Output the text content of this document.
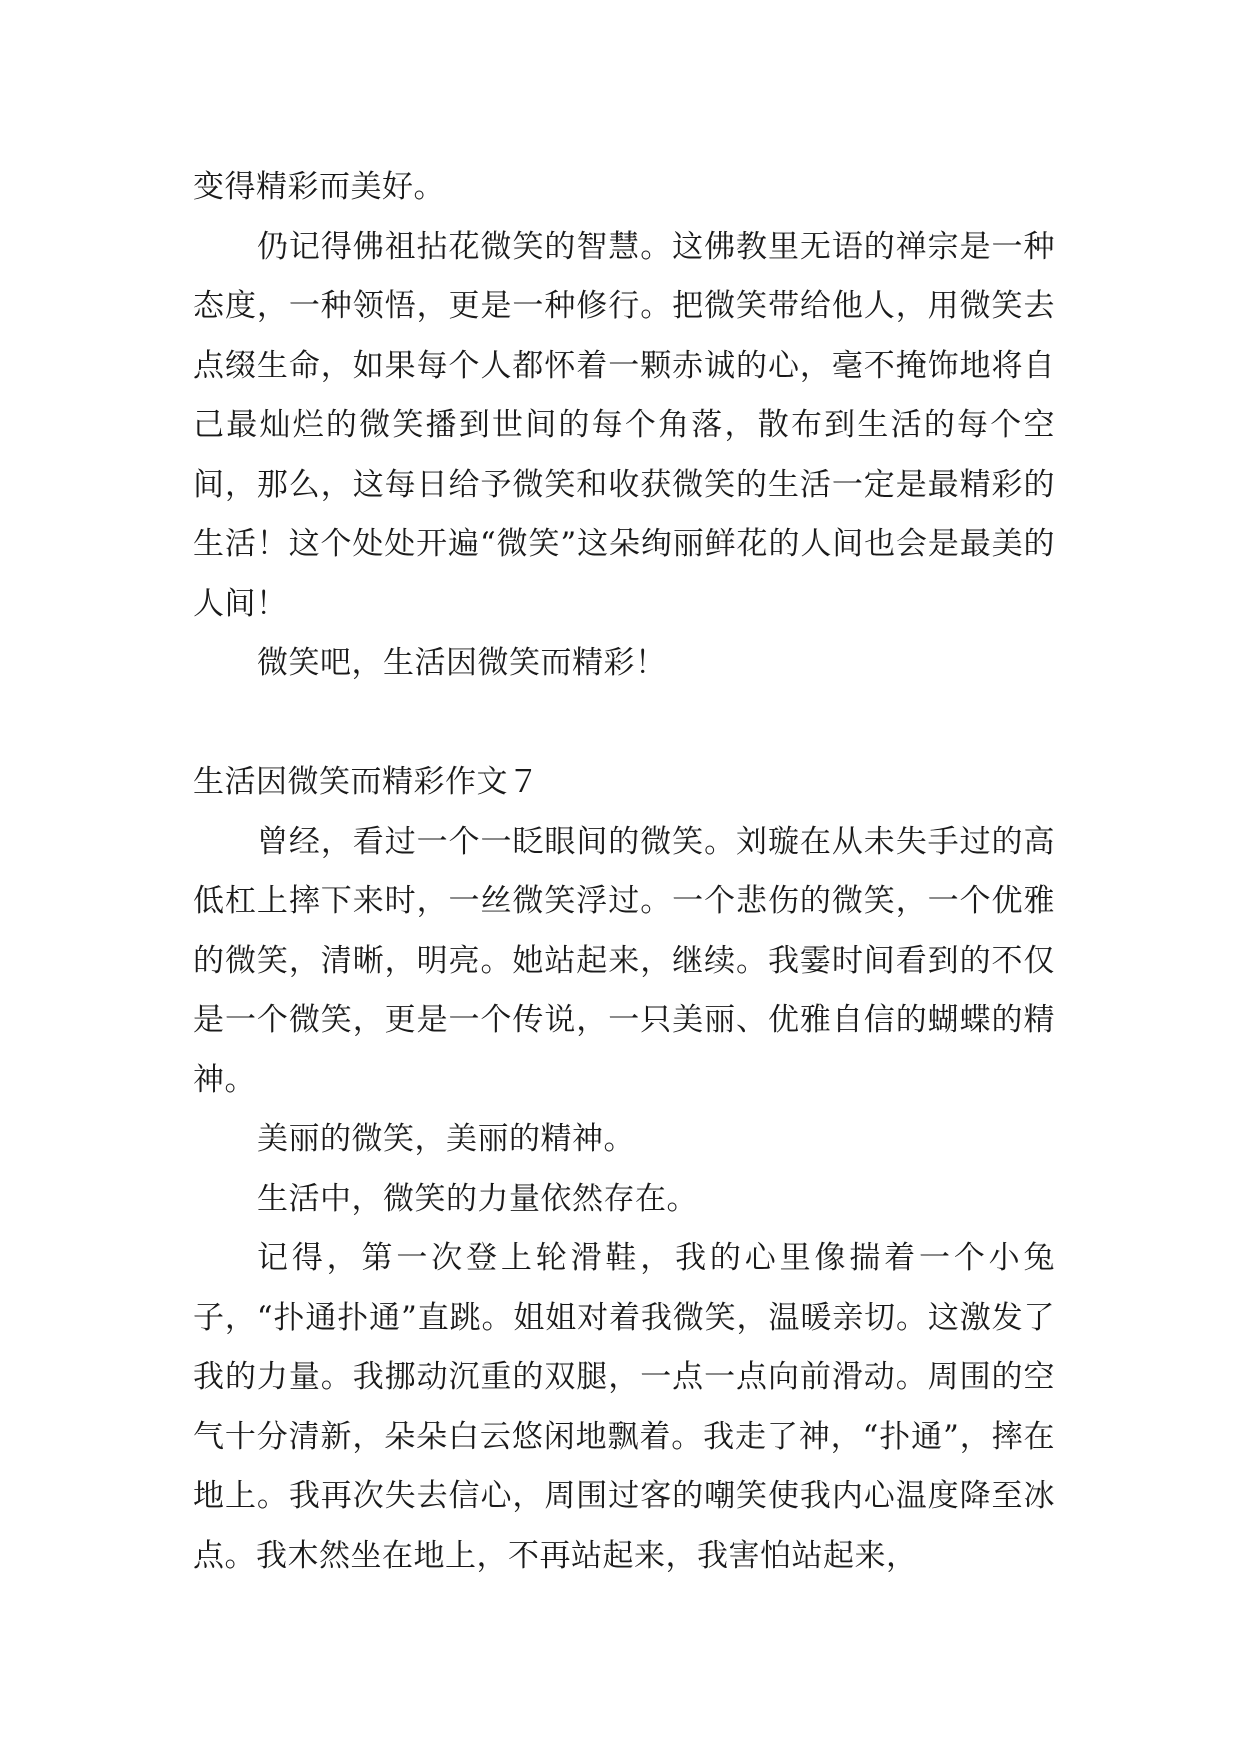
变得精彩而美好。

仍记得佛祖拈花微笑的智慧。这佛教里无语的禅宗是一种态度，一种领悟，更是一种修行。把微笑带给他人，用微笑去点缀生命，如果每个人都怀着一颗赤诚的心，毫不掩饰地将自己最灿烂的微笑播到世间的每个角落，散布到生活的每个空间，那么，这每日给予微笑和收获微笑的生活一定是最精彩的生活！这个处处开遍“微笑”这朵绚丽鲜花的人间也会是最美的人间！

微笑吧，生活因微笑而精彩！

生活因微笑而精彩作文７

曾经，看过一个一眨眼间的微笑。刘璇在从未失手过的高低杠上摔下来时，一丝微笑浮过。一个悲伤的微笑，一个优雅的微笑，清晰，明亮。她站起来，继续。我霎时间看到的不仅是一个微笑，更是一个传说，一只美丽、优雅自信的蝴蝶的精神。

美丽的微笑，美丽的精神。

生活中，微笑的力量依然存在。

记得，第一次登上轮滑鞋，我的心里像揣着一个小兔子，“扑通扑通”直跳。姐姐对着我微笑，温暖亲切。这激发了我的力量。我挪动沉重的双腿，一点一点向前滑动。周围的空气十分清新，朵朵白云悠闲地飘着。我走了神，“扑通”，摔在地上。我再次失去信心，周围过客的嘲笑使我内心温度降至冰点。我木然坐在地上，不再站起来，我害怕站起来，
